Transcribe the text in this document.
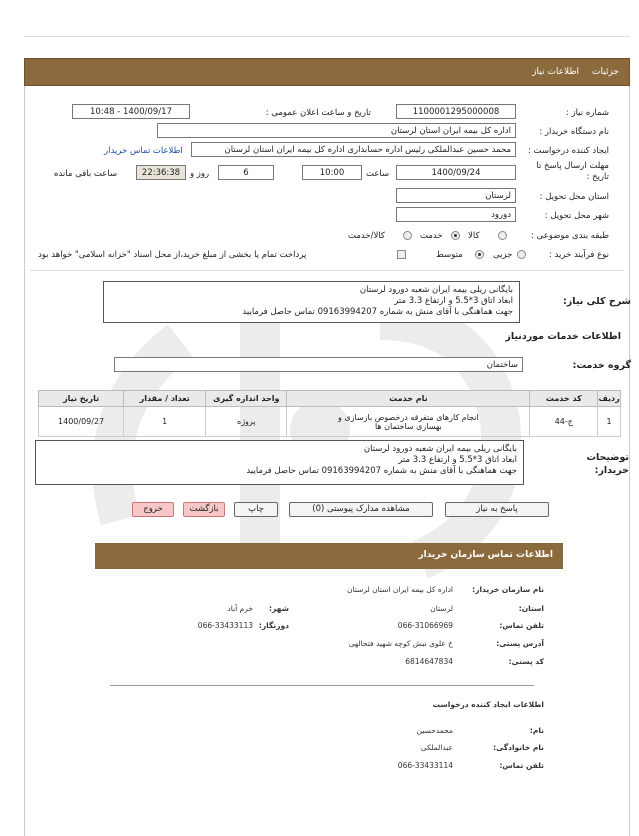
جزئیات
اطلاعات نیاز
شماره نیاز :
1100001295000008
تاریخ و ساعت اعلان عمومی :
1400/09/17 - 10:48
نام دستگاه خریدار :
اداره کل بیمه ایران استان لرستان
ایجاد کننده درخواست :
محمد حسین عبدالملکی رئیس اداره حسابداری اداره کل بیمه ایران استان لرستان
اطلاعات تماس خریدار
مهلت ارسال پاسخ تا تاریخ :
1400/09/24
ساعت
10:00
6
روز و
22:36:38
ساعت باقی مانده
استان محل تحویل :
لرستان
شهر محل تحویل :
دورود
طبقه بندی موضوعی :
کالا
خدمت
کالا/خدمت
نوع فرآیند خرید :
جزیی
متوسط
پرداخت تمام یا بخشی از مبلغ خرید،از محل اسناد "خزانه اسلامی" خواهد بود
شرح کلی نیاز:
بایگانی ریلی بیمه ایران شعبه دورود لرستان
ابعاد اتاق 3*5.5 و ارتفاع 3.3 متر
جهت هماهنگی با آقای منش به شماره 09163994207 تماس حاصل فرمایید
اطلاعات خدمات موردنیاز
گروه خدمت:
ساختمان
ردیف	کد خدمت	نام خدمت	واحد اندازه گیری	تعداد / مقدار	تاریخ نیاز
1	ج-44	انجام کارهای متفرقه درخصوص بازسازی و
بهسازی ساختمان ها	پروژه	1	1400/09/27
توضیحات خریدار:
بایگانی ریلی بیمه ایران شعبه دورود لرستان
ابعاد اتاق 3*5.5 و ارتفاع 3.3 متر
جهت هماهنگی با آقای منش به شماره 09163994207 تماس حاصل فرمایید
پاسخ به نیاز
مشاهده مدارک پیوستی (0)
چاپ
بازگشت
خروج
اطلاعات تماس سازمان خریدار
نام سازمان خریدار:
اداره کل بیمه ایران استان لرستان
استان:
لرستان
شهر:
خرم آباد
تلفن تماس:
066-31066969
دورنگار:
066-33433113
آدرس پستی:
خ علوی نبش کوچه شهید فتحالهی
کد پستی:
6814647834
اطلاعات ایجاد کننده درخواست
نام:
محمدحسین
نام خانوادگی:
عبدالملکی
تلفن تماس:
066-33433114
